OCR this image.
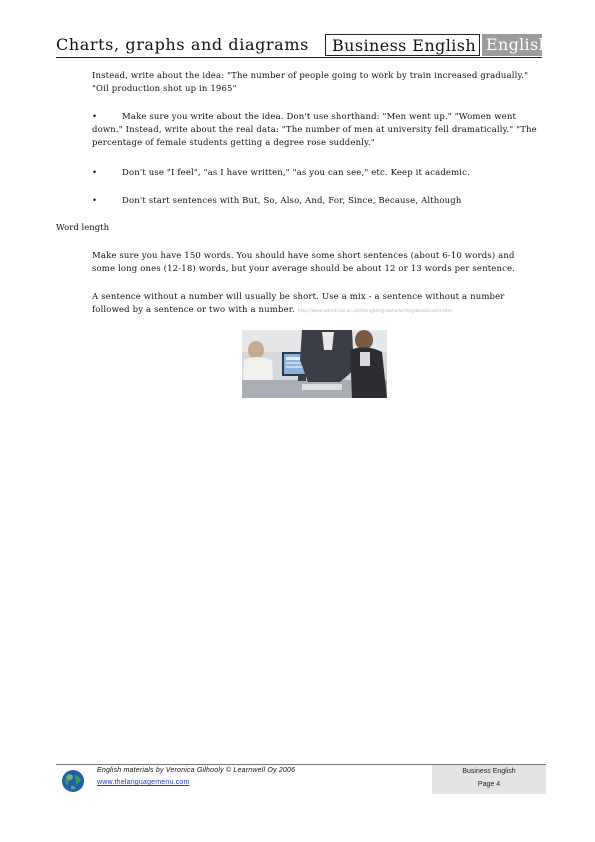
Charts, graphs and diagrams	Business English English
Instead, write about the idea: "The number of people going to work by train increased gradually." "Oil production shot up in 1965"
•	Make sure you write about the idea. Don't use shorthand: "Men went up." "Women went down." Instead, write about the real data: "The number of men at university fell dramatically." "The percentage of female students getting a degree rose suddenly."
•	Don't use "I feel", "as I have written," "as you can see," etc. Keep it academic.
•	Don't start sentences with But, So, Also, And, For, Since, Because, Although
Word length
Make sure you have 150 words. You should have some short sentences (about 6-10 words) and some long ones (12-18) words, but your average should be about 12 or 13 words per sentence.
A sentence without a number will usually be short. Use a mix - a sentence without a number followed by a sentence or two with a number. http://www.admin.lut.ac.uk/ll/english/graphs/writingabouGraphs.htm
English materials by Veronica Gilhooly © Learnwell Oy 2006
www.thelanguagemenu.com
Business English
Page 4
